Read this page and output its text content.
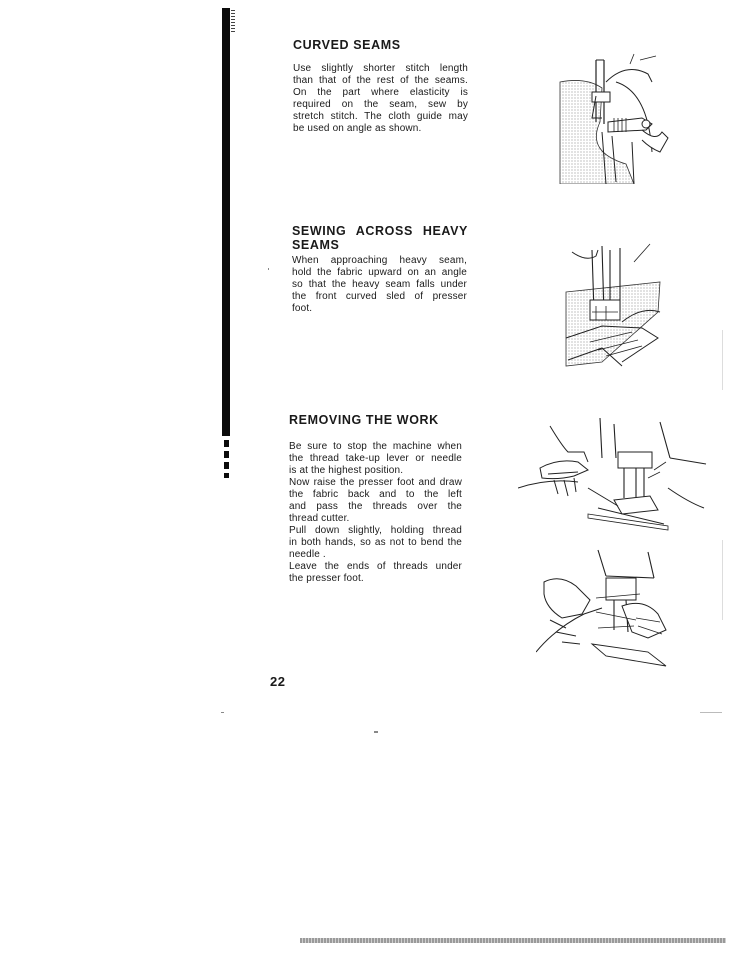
CURVED SEAMS
Use slightly shorter stitch length
than that of the rest of the seams.
On the part where elasticity is
required on the seam, sew by
stretch stitch. The cloth guide may
be used on angle as shown.
SEWING ACROSS HEAVY
SEAMS
When approaching heavy seam,
hold the fabric upward on an angle
so that the heavy seam falls under
the front curved sled of presser
foot.
REMOVING THE WORK
Be sure to stop the machine when
the thread take-up lever or needle
is at the highest position.
Now raise the presser foot and draw
the fabric back and to the left
and pass the threads over the
thread cutter.
Pull down slightly, holding thread
in both hands, so as not to bend the
needle .
Leave the ends of threads under
the presser foot.
22
